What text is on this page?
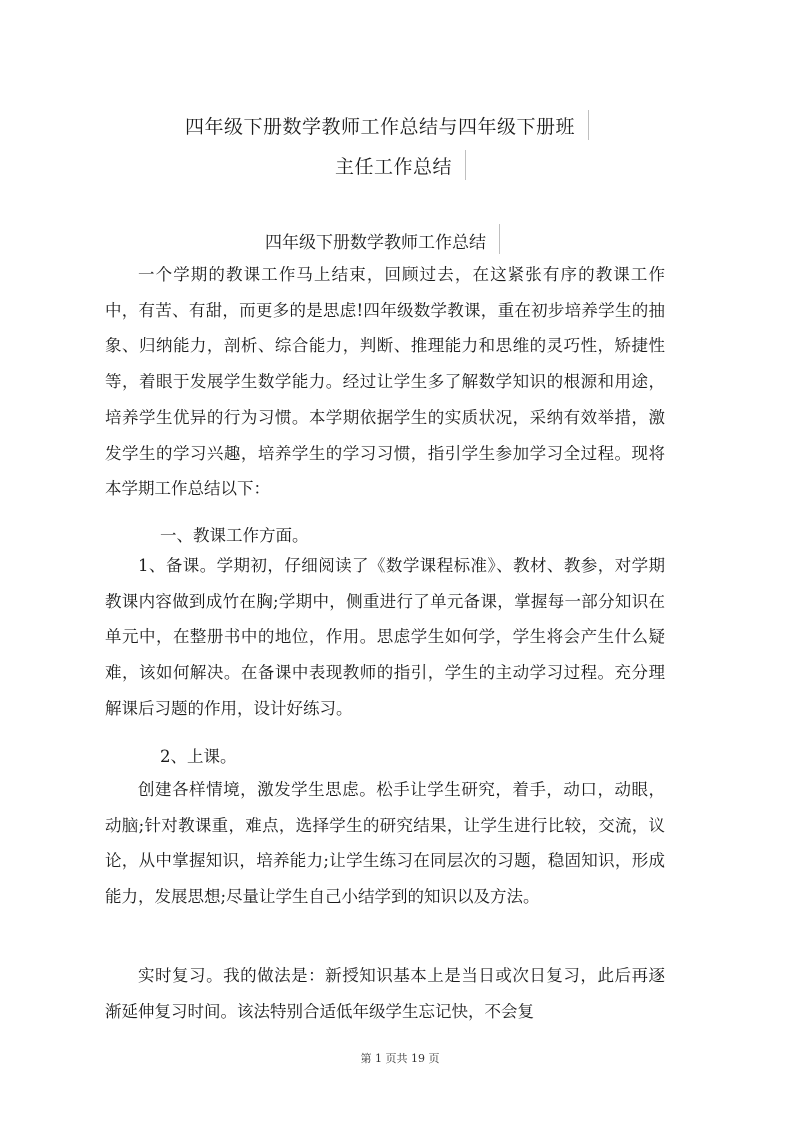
四年级下册数学教师工作总结与四年级下册班
主任工作总结
四年级下册数学教师工作总结

一个学期的教课工作马上结束，回顾过去，在这紧张有序的教课工作中，有苦、有甜，而更多的是思虑!四年级数学教课，重在初步培养学生的抽象、归纳能力，剖析、综合能力，判断、推理能力和思维的灵巧性，矫捷性等，着眼于发展学生数学能力。经过让学生多了解数学知识的根源和用途，培养学生优异的行为习惯。本学期依据学生的实质状况，采纳有效举措，激发学生的学习兴趣，培养学生的学习习惯，指引学生参加学习全过程。现将本学期工作总结以下：

一、教课工作方面。

1、备课。学期初，仔细阅读了《数学课程标准》、教材、教参，对学期教课内容做到成竹在胸;学期中，侧重进行了单元备课，掌握每一部分知识在单元中，在整册书中的地位，作用。思虑学生如何学，学生将会产生什么疑难，该如何解决。在备课中表现教师的指引，学生的主动学习过程。充分理解课后习题的作用，设计好练习。

2、上课。

创建各样情境，激发学生思虑。松手让学生研究，着手，动口，动眼，动脑;针对教课重，难点，选择学生的研究结果，让学生进行比较，交流，议论，从中掌握知识，培养能力;让学生练习在同层次的习题，稳固知识，形成能力，发展思想;尽量让学生自己小结学到的知识以及方法。

实时复习。我的做法是：新授知识基本上是当日或次日复习，此后再逐渐延伸复习时间。该法特别合适低年级学生忘记快，不会复

第 1 页共 19 页
